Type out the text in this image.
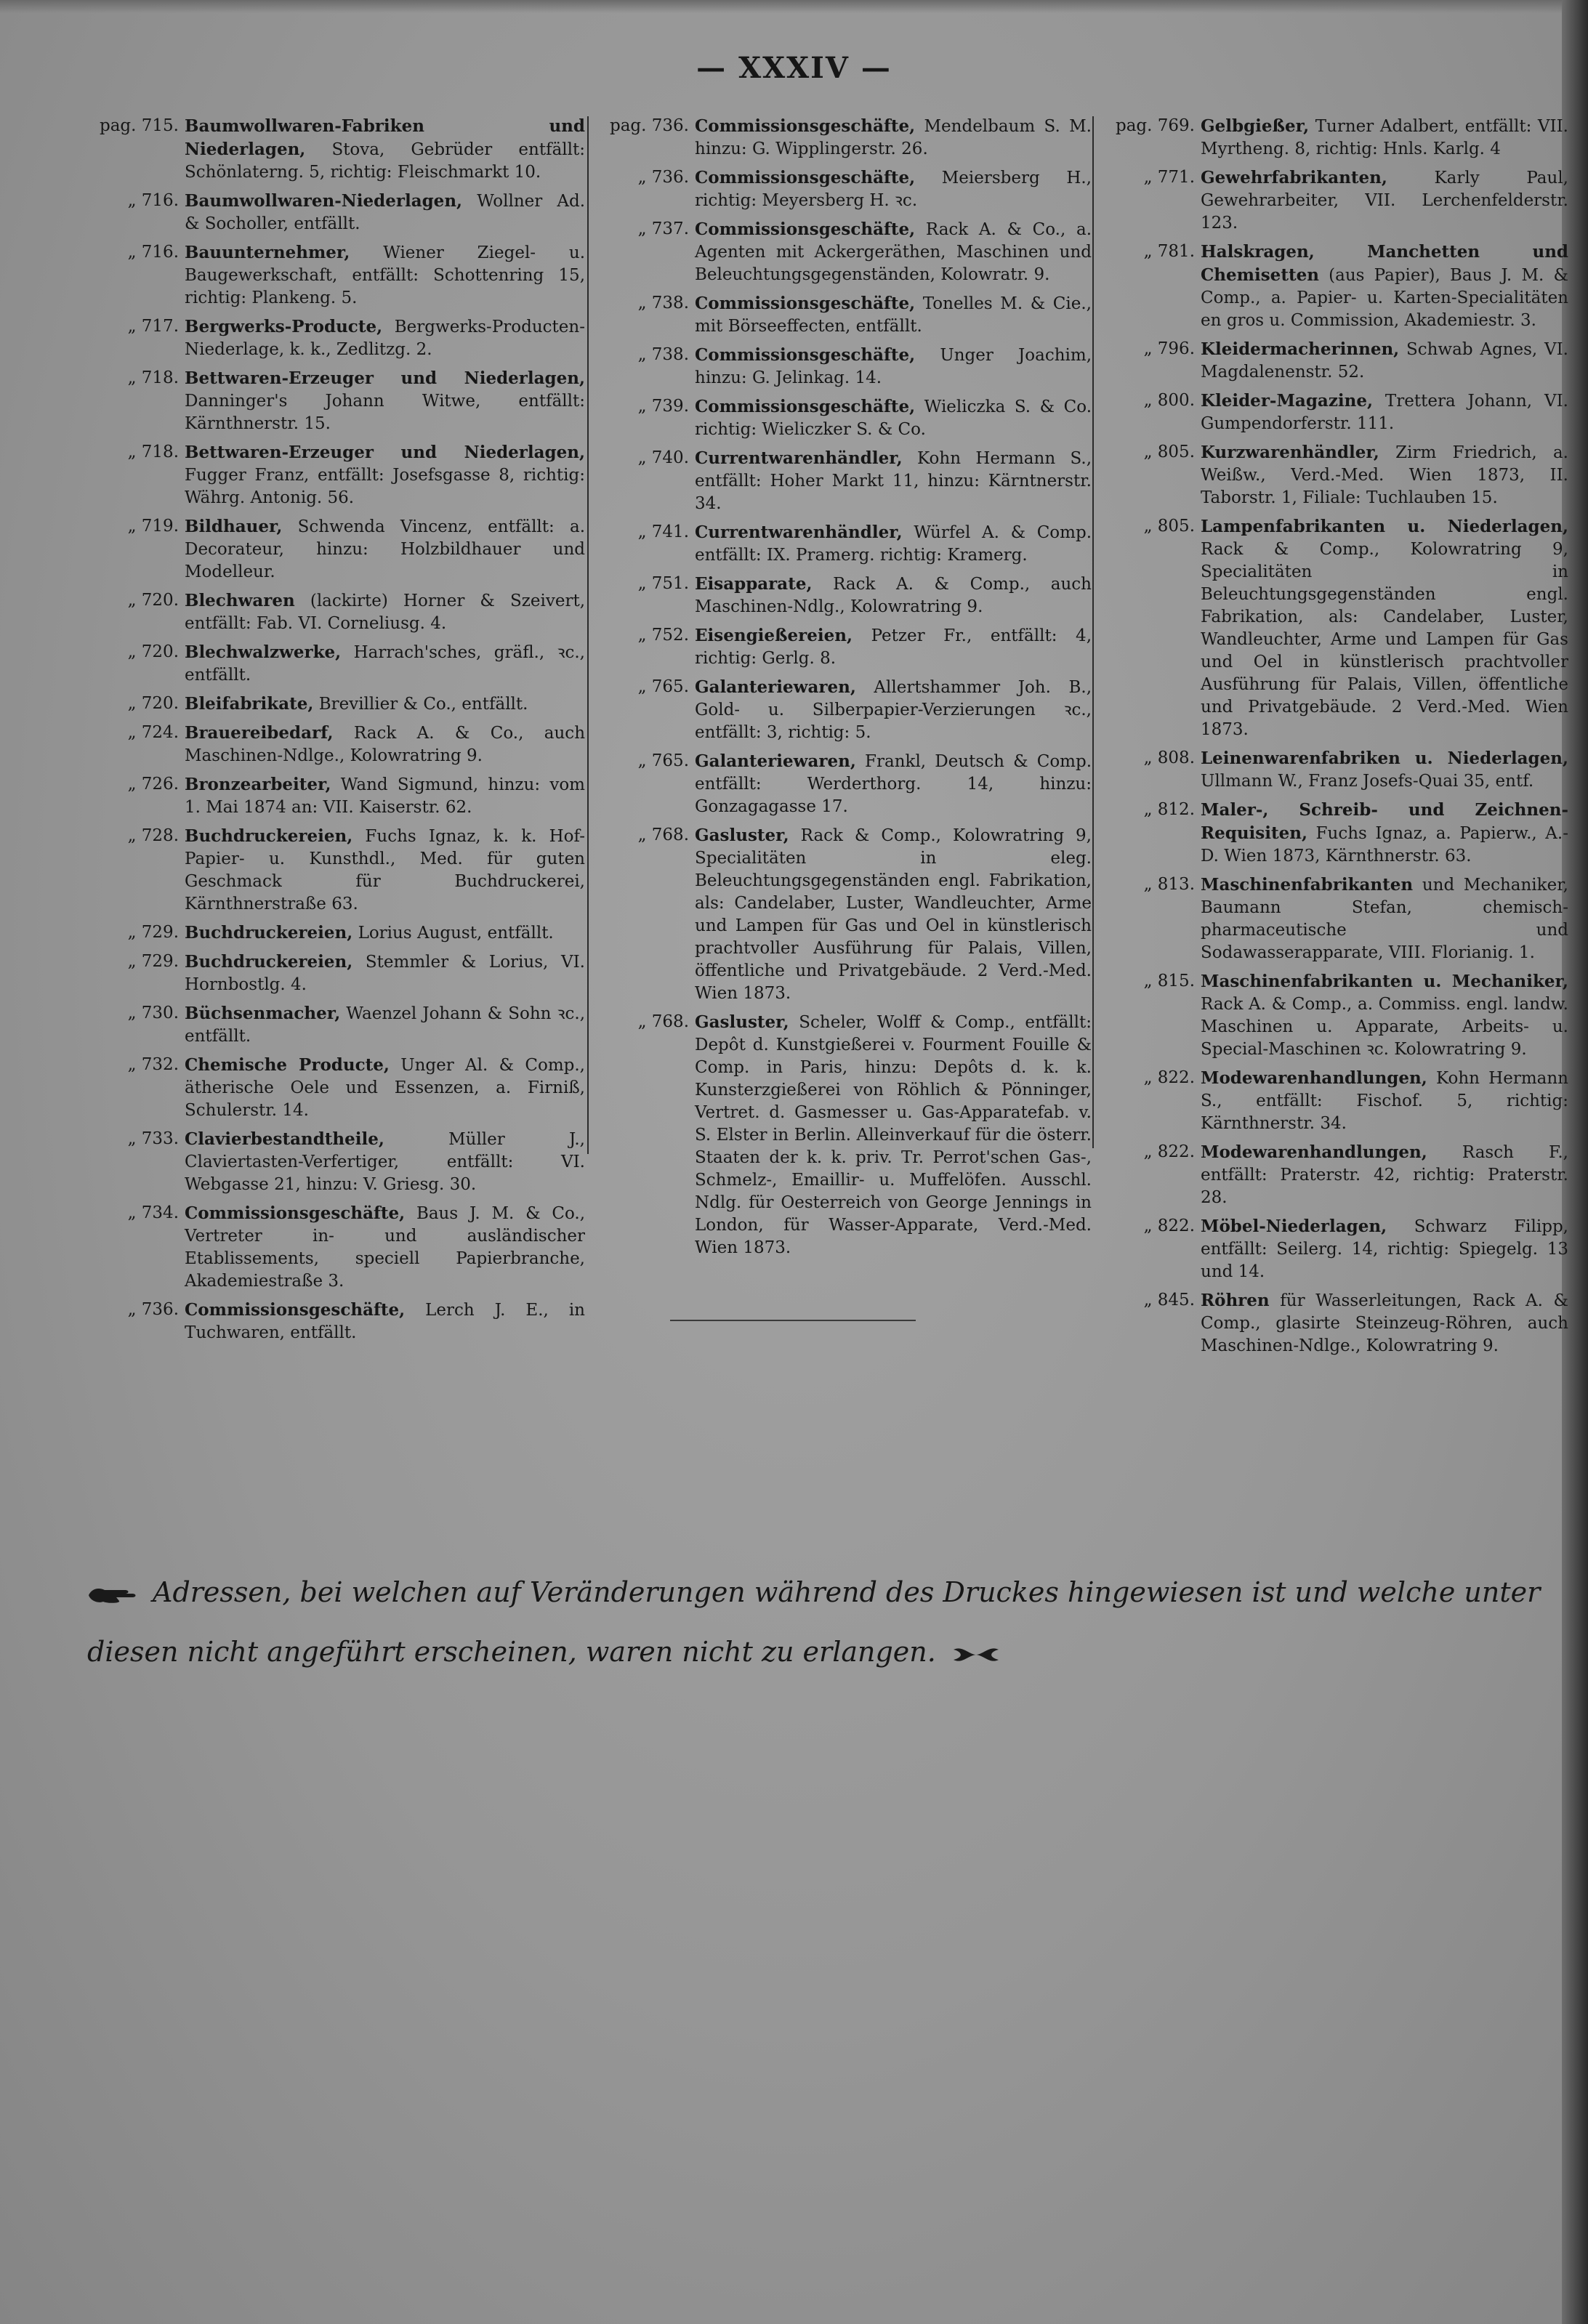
— XXXIV —
pag. 715. Baumwollwaren-Fabriken und Niederlagen, Stova, Gebrüder entfällt: Schönlaterng. 5, richtig: Fleischmarkt 10.
„ 716. Baumwollwaren-Niederlagen, Wollner Ad. & Socholler, entfällt.
„ 716. Bauunternehmer, Wiener Ziegel- u. Baugewerkschaft, entfällt: Schottenring 15, richtig: Plankeng. 5.
„ 717. Bergwerks-Producte, Bergwerks-Producten-Niederlage, k. k., Zedlitzg. 2.
„ 718. Bettwaren-Erzeuger und Niederlagen, Danninger's Johann Witwe, entfällt: Kärnthnerstr. 15.
„ 718. Bettwaren-Erzeuger und Niederlagen, Fugger Franz, entfällt: Josefsgasse 8, richtig: Währg. Antonig. 56.
„ 719. Bildhauer, Schwenda Vincenz, entfällt: a. Decorateur, hinzu: Holzbildhauer und Modelleur.
„ 720. Blechwaren (lackirte) Horner & Szeivert, entfällt: Fab. VI. Corneliusg. 4.
„ 720. Blechwalzwerke, Harrach'sches, gräfl., ꝛc., entfällt.
„ 720. Bleifabrikate, Brevillier & Co., entfällt.
„ 724. Brauereibedarf, Rack A. & Co., auch Maschinen-Ndlge., Kolowratring 9.
„ 726. Bronzearbeiter, Wand Sigmund, hinzu: vom 1. Mai 1874 an: VII. Kaiserstr. 62.
„ 728. Buchdruckereien, Fuchs Ignaz, k. k. Hof-Papier- u. Kunsthdl., Med. für guten Geschmack für Buchdruckerei, Kärnthnerstraße 63.
„ 729. Buchdruckereien, Lorius August, entfällt.
„ 729. Buchdruckereien, Stemmler & Lorius, VI. Hornbostlg. 4.
„ 730. Büchsenmacher, Waenzel Johann & Sohn ꝛc., entfällt.
„ 732. Chemische Producte, Unger Al. & Comp., ätherische Oele und Essenzen, a. Firniß, Schulerstr. 14.
„ 733. Clavierbestandtheile,	Müller J., Claviertasten-Verfertiger, entfällt: VI. Webgasse 21, hinzu: V. Griesg. 30.
„ 734. Commissionsgeschäfte, Baus J. M. & Co., Vertreter in- und ausländischer Etablissements, speciell Papierbranche, Akademiestraße 3.
„ 736. Commissionsgeschäfte, Lerch J. E., in Tuchwaren, entfällt.
pag. 736. Commissionsgeschäfte, Mendelbaum S. M. hinzu: G. Wipplingerstr. 26.
„ 736. Commissionsgeschäfte, Meiersberg H., richtig: Meyersberg H. ꝛc.
„ 737. Commissionsgeschäfte, Rack A. & Co., a. Agenten mit Ackergeräthen, Maschinen und Beleuchtungsgegenständen, Kolowratr. 9.
„ 738. Commissionsgeschäfte, Tonelles M. & Cie., mit Börseeffecten, entfällt.
„ 738. Commissionsgeschäfte, Unger Joachim, hinzu: G. Jelinkag. 14.
„ 739. Commissionsgeschäfte, Wieliczka S. & Co. richtig: Wieliczker S. & Co.
„ 740. Currentwarenhändler, Kohn Hermann S., entfällt: Hoher Markt 11, hinzu: Kärntnerstr. 34.
„ 741. Currentwarenhändler, Würfel A. & Comp. entfällt: IX. Pramerg. richtig: Kramerg.
„ 751. Eisapparate, Rack A. & Comp., auch Maschinen-Ndlg., Kolowratring 9.
„ 752. Eisengießereien, Petzer Fr., entfällt: 4, richtig: Gerlg. 8.
„ 765. Galanteriewaren, Allertshammer Joh. B., Gold- u. Silberpapier-Verzierungen ꝛc., entfällt: 3, richtig: 5.
„ 765. Galanteriewaren, Frankl, Deutsch & Comp. entfällt: Werderthorg. 14, hinzu: Gonzagagasse 17.
„ 768. Gasluster, Rack & Comp., Kolowratring 9, Specialitäten in eleg. Beleuchtungsgegenständen engl. Fabrikation, als: Candelaber, Luster, Wandleuchter, Arme und Lampen für Gas und Oel in künstlerisch prachtvoller Ausführung für Palais, Villen, öffentliche und Privatgebäude. 2 Verd.-Med. Wien 1873.
„ 768. Gasluster, Scheler, Wolff & Comp., entfällt: Depôt d. Kunstgießerei v. Fourment Fouille & Comp. in Paris, hinzu: Depôts d. k. k. Kunsterzgießerei von Röhlich & Pönninger, Vertret. d. Gasmesser u. Gas-Apparatefab. v. S. Elster in Berlin. Alleinverkauf für die österr. Staaten der k. k. priv. Tr. Perrot'schen Gas-, Schmelz-, Emaillir- u. Muffelöfen. Ausschl. Ndlg. für Oesterreich von George Jennings in London, für Wasser-Apparate, Verd.-Med. Wien 1873.
pag. 769. Gelbgießer, Turner Adalbert, entfällt: VII. Myrtheng. 8, richtig: Hnls. Karlg. 4
„ 771. Gewehrfabrikanten,	Karly Paul, Gewehrarbeiter, VII. Lerchenfelderstr. 123.
„ 781. Halskragen, Manchetten und Chemisetten (aus Papier), Baus J. M. & Comp., a. Papier- u. Karten-Specialitäten en gros u. Commission, Akademiestr. 3.
„ 796. Kleidermacherinnen, Schwab Agnes, VI. Magdalenenstr. 52.
„ 800. Kleider-Magazine, Trettera Johann, VI. Gumpendorferstr. 111.
„ 805. Kurzwarenhändler, Zirm Friedrich, a. Weißw., Verd.-Med. Wien 1873, II. Taborstr. 1, Filiale: Tuchlauben 15.
„ 805. Lampenfabrikanten u. Niederlagen, Rack & Comp., Kolowratring 9, Specialitäten in Beleuchtungsgegenständen engl. Fabrikation, als: Candelaber, Luster, Wandleuchter, Arme und Lampen für Gas und Oel in künstlerisch prachtvoller Ausführung für Palais, Villen, öffentliche und Privatgebäude. 2 Verd.-Med. Wien 1873.
„ 808. Leinenwarenfabriken u. Niederlagen, Ullmann W., Franz Josefs-Quai 35, entf.
„ 812. Maler-, Schreib- und Zeichnen-Requisiten, Fuchs Ignaz, a. Papierw., A.-D. Wien 1873, Kärnthnerstr. 63.
„ 813. Maschinenfabrikanten und Mechaniker, Baumann Stefan, chemisch-pharmaceutische und Sodawasserapparate, VIII. Florianig. 1.
„ 815. Maschinenfabrikanten u. Mechaniker, Rack A. & Comp., a. Commiss. engl. landw. Maschinen u. Apparate, Arbeits- u. Special-Maschinen ꝛc. Kolowratring 9.
„ 822. Modewarenhandlungen, Kohn Hermann S., entfällt: Fischof. 5, richtig: Kärnthnerstr. 34.
„ 822. Modewarenhandlungen, Rasch F., entfällt: Praterstr. 42, richtig: Praterstr. 28.
„ 822. Möbel-Niederlagen, Schwarz Filipp, entfällt: Seilerg. 14, richtig: Spiegelg. 13 und 14.
„ 845. Röhren für Wasserleitungen, Rack A. & Comp., glasirte Steinzeug-Röhren, auch Maschinen-Ndlge., Kolowratring 9.
Adressen, bei welchen auf Veränderungen während des Druckes hingewiesen ist und welche unter diesen nicht angeführt erscheinen, waren nicht zu erlangen.
